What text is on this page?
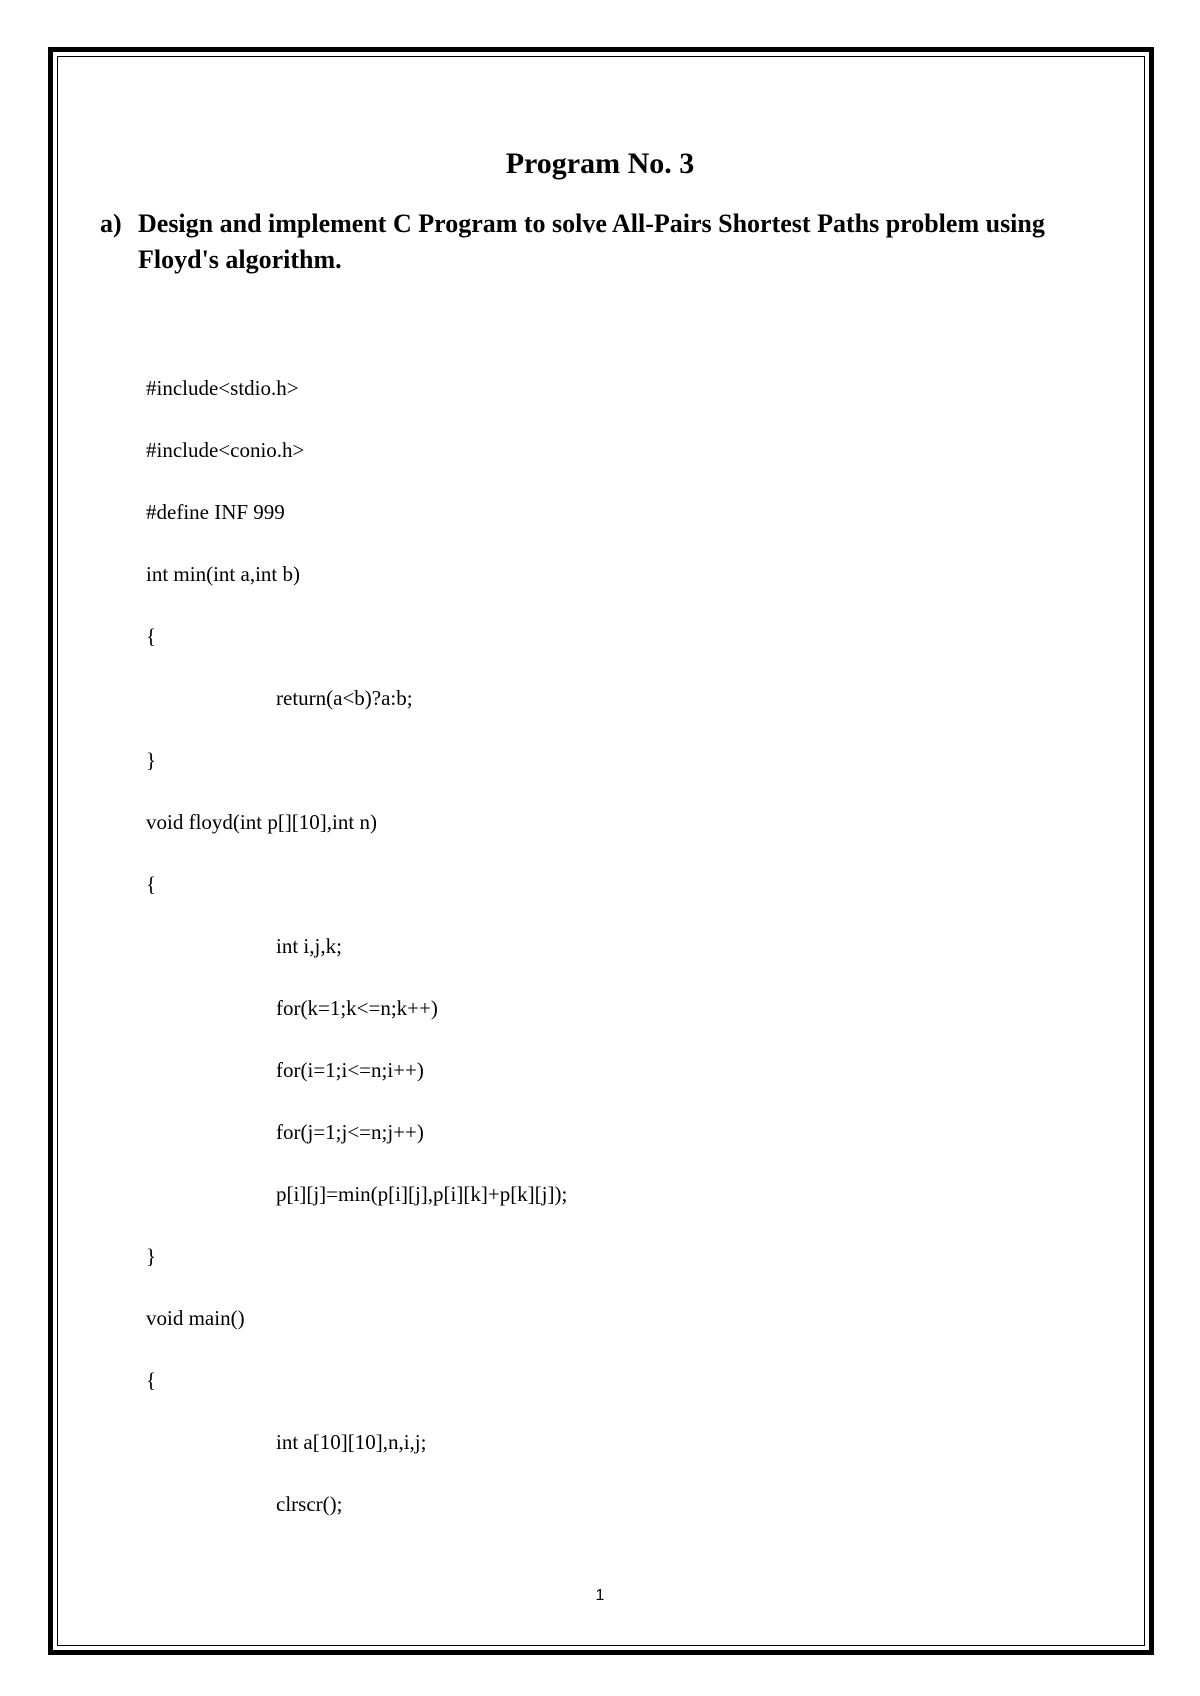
Program No. 3
a) Design and implement C Program to solve All-Pairs Shortest Paths problem using Floyd's algorithm.
#include<stdio.h>
#include<conio.h>
#define INF 999
int min(int a,int b)
{
return(a<b)?a:b;
}
void floyd(int p[][10],int n)
{
int i,j,k;
for(k=1;k<=n;k++)
for(i=1;i<=n;i++)
for(j=1;j<=n;j++)
p[i][j]=min(p[i][j],p[i][k]+p[k][j]);
}
void main()
{
int a[10][10],n,i,j;
clrscr();
1
